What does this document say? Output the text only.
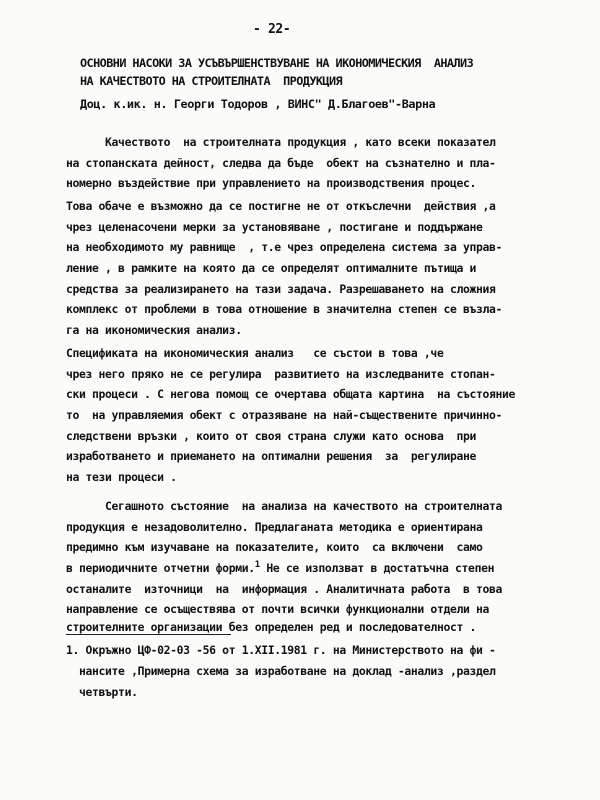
- 22-
ОСНОВНИ НАСОКИ ЗА УСЪВЪРШЕНСТВУВАНЕ НА ИКОНОМИЧЕСКИЯ  АНАЛИЗ
НА КАЧЕСТВОТО НА СТРОИТЕЛНАТА  ПРОДУКЦИЯ
Доц. к.ик. н. Георги Тодоров , ВИНС" Д.Благоев"-Варна
Качеството  на строителната продукция , като всеки показател
на стопанската дейност, следва да бъде  обект на съзнателно и пла-
номерно въздействие при управлението на производствения процес.
Това обаче е възможно да се постигне не от откъслечни  действия ,а
чрез целенасочени мерки за установяване , постигане и поддържане
на необходимото му равнище  , т.е чрез определена система за управ-
ление , в рамките на която да се определят оптималните пътища и
средства за реализирането на тази задача. Разрешаването на сложния
комплекс от проблеми в това отношение в значителна степен се възла-
га на икономическия анализ.
Спецификата на икономическия анализ   се състои в това ,че
чрез него пряко не се регулира  развитието на изследваните стопан-
ски процеси . С негова помощ се очертава общата картина  на състояние
то  на управляемия обект с отразяване на най-съществените причинно-
следствени връзки , които от своя страна служи като основа  при
изработването и приемането на оптимални решения  за  регулиране
на тези процеси .
Сегашното състояние  на анализа на качеството на строителната
продукция е незадоволително. Предлаганата методика е ориентирана
предимно към изучаване на показателите, които  са включени  само
в периодичните отчетни форми.$^1$ Не се използват в достатъчна степен
останалите  източници  на  информация . Аналитичната работа  в това
направление се осъществява от почти всички функционални отдели на
строителните организации без определен ред и последователност .
1. Окръжно ЦФ-02-03 -56 от 1.ХII.1981 г. на Министерството на фи -
нансите ,Примерна схема за изработване на доклад -анализ ,раздел
четвърти.
